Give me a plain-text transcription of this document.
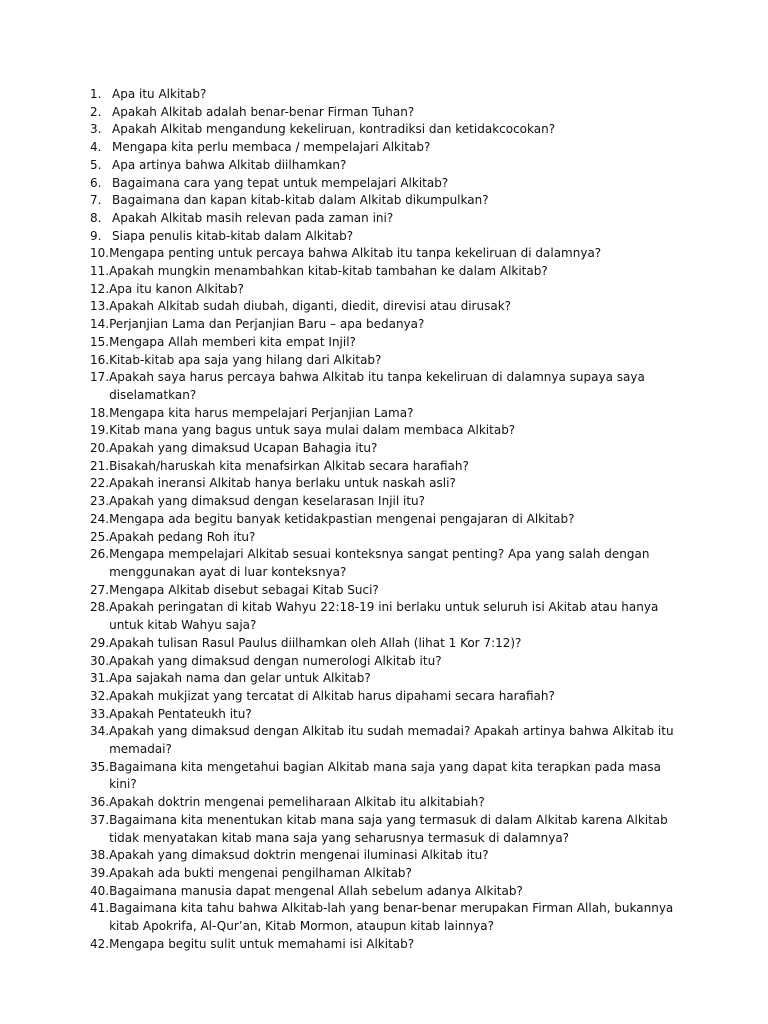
1. Apa itu Alkitab?
2. Apakah Alkitab adalah benar-benar Firman Tuhan?
3. Apakah Alkitab mengandung kekeliruan, kontradiksi dan ketidakcocokan?
4. Mengapa kita perlu membaca / mempelajari Alkitab?
5. Apa artinya bahwa Alkitab diilhamkan?
6. Bagaimana cara yang tepat untuk mempelajari Alkitab?
7. Bagaimana dan kapan kitab-kitab dalam Alkitab dikumpulkan?
8. Apakah Alkitab masih relevan pada zaman ini?
9. Siapa penulis kitab-kitab dalam Alkitab?
10. Mengapa penting untuk percaya bahwa Alkitab itu tanpa kekeliruan di dalamnya?
11. Apakah mungkin menambahkan kitab-kitab tambahan ke dalam Alkitab?
12. Apa itu kanon Alkitab?
13. Apakah Alkitab sudah diubah, diganti, diedit, direvisi atau dirusak?
14. Perjanjian Lama dan Perjanjian Baru – apa bedanya?
15. Mengapa Allah memberi kita empat Injil?
16. Kitab-kitab apa saja yang hilang dari Alkitab?
17. Apakah saya harus percaya bahwa Alkitab itu tanpa kekeliruan di dalamnya supaya saya diselamatkan?
18. Mengapa kita harus mempelajari Perjanjian Lama?
19. Kitab mana yang bagus untuk saya mulai dalam membaca Alkitab?
20. Apakah yang dimaksud Ucapan Bahagia itu?
21. Bisakah/haruskah kita menafsirkan Alkitab secara harafiah?
22. Apakah ineransi Alkitab hanya berlaku untuk naskah asli?
23. Apakah yang dimaksud dengan keselarasan Injil itu?
24. Mengapa ada begitu banyak ketidakpastian mengenai pengajaran di Alkitab?
25. Apakah pedang Roh itu?
26. Mengapa mempelajari Alkitab sesuai konteksnya sangat penting? Apa yang salah dengan menggunakan ayat di luar konteksnya?
27. Mengapa Alkitab disebut sebagai Kitab Suci?
28. Apakah peringatan di kitab Wahyu 22:18-19 ini berlaku untuk seluruh isi Akitab atau hanya untuk kitab Wahyu saja?
29. Apakah tulisan Rasul Paulus diilhamkan oleh Allah (lihat 1 Kor 7:12)?
30. Apakah yang dimaksud dengan numerologi Alkitab itu?
31. Apa sajakah nama dan gelar untuk Alkitab?
32. Apakah mukjizat yang tercatat di Alkitab harus dipahami secara harafiah?
33. Apakah Pentateukh itu?
34. Apakah yang dimaksud dengan Alkitab itu sudah memadai? Apakah artinya bahwa Alkitab itu memadai?
35. Bagaimana kita mengetahui bagian Alkitab mana saja yang dapat kita terapkan pada masa kini?
36. Apakah doktrin mengenai pemeliharaan Alkitab itu alkitabiah?
37. Bagaimana kita menentukan kitab mana saja yang termasuk di dalam Alkitab karena Alkitab tidak menyatakan kitab mana saja yang seharusnya termasuk di dalamnya?
38. Apakah yang dimaksud doktrin mengenai iluminasi Alkitab itu?
39. Apakah ada bukti mengenai pengilhaman Alkitab?
40. Bagaimana manusia dapat mengenal Allah sebelum adanya Alkitab?
41. Bagaimana kita tahu bahwa Alkitab-lah yang benar-benar merupakan Firman Allah, bukannya kitab Apokrifa, Al-Qur’an, Kitab Mormon, ataupun kitab lainnya?
42. Mengapa begitu sulit untuk memahami isi Alkitab?
